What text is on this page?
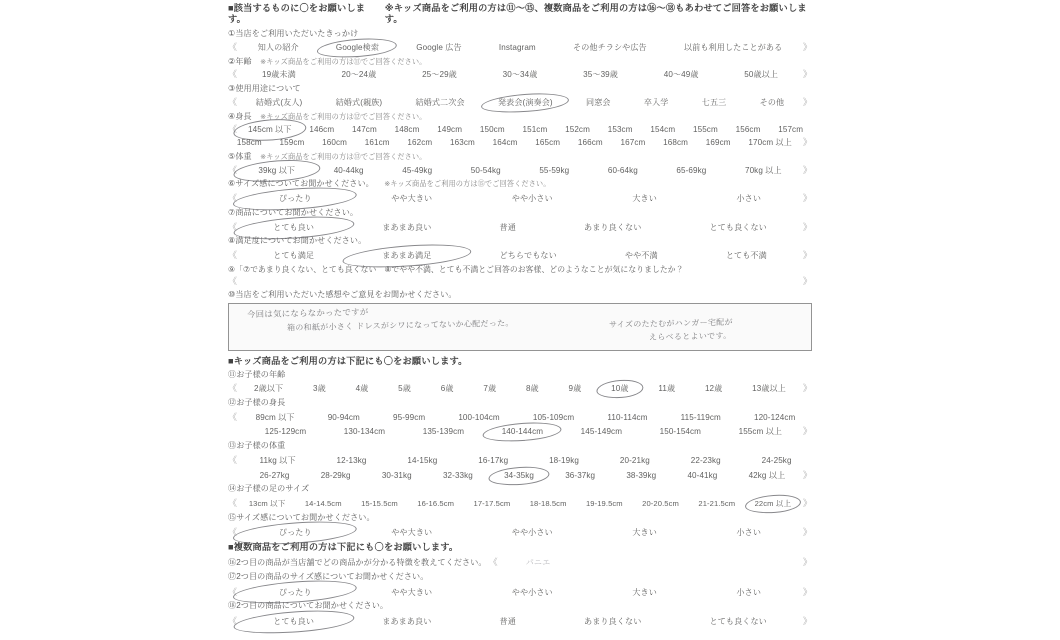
■該当するものに〇をお願いします。
※キッズ商品をご利用の方は⑪〜⑮、複数商品をご利用の方は⑯〜⑱もあわせてご回答をお願いします。

①当店をご利用いただいたきっかけ

《	知人の紹介	Google検索	Google 広告	Instagram	その他チラシや広告	以前も利用したことがある	》

②年齢 ※キッズ商品をご利用の方は⑪でご回答ください。

《	19歳未満	20〜24歳	25〜29歳	30〜34歳	35〜39歳	40〜49歳	50歳以上	》

③使用用途について

《	結婚式(友人)	結婚式(親族)	結婚式二次会	発表会(演奏会)	同窓会	卒入学	七五三	その他	》

④身長 ※キッズ商品をご利用の方は⑫でご回答ください。

《	145cm 以下	146cm	147cm	148cm	149cm	150cm	151cm	152cm	153cm	154cm	155cm	156cm	157cm
158cm	159cm	160cm	161cm	162cm	163cm	164cm	165cm	166cm	167cm	168cm	169cm	170cm 以上	》

⑤体重 ※キッズ商品をご利用の方は⑬でご回答ください。

《	39kg 以下	40-44kg	45-49kg	50-54kg	55-59kg	60-64kg	65-69kg	70kg 以上	》

⑥サイズ感についてお聞かせください。 ※キッズ商品をご利用の方は⑮でご回答ください。

《	ぴったり	やや大きい	やや小さい	大きい	小さい	》

⑦商品についてお聞かせください。

《	とても良い	まあまあ良い	普通	あまり良くない	とても良くない	》

⑧満足度についてお聞かせください。

《	とても満足	まあまあ満足	どちらでもない	やや不満	とても不満	》

⑨「⑦であまり良くない、とても良くない　⑧でやや不満、とても不満とご回答のお客様、どのようなことが気になりましたか？

《	》

⑩当店をご利用いただいた感想やご意見をお聞かせください。

今回は気にならなかったですが
箱の和紙が小さく ドレスがシワになってないか心配だった。	サイズのたたむがハンガー宅配が
えらべるとよいです。

■キッズ商品をご利用の方は下記にも〇をお願いします。

⑪お子様の年齢

《	2歳以下	3歳	4歳	5歳	6歳	7歳	8歳	9歳	10歳	11歳	12歳	13歳以上	》

⑫お子様の身長

《	89cm 以下	90-94cm	95-99cm	100-104cm	105-109cm	110-114cm	115-119cm	120-124cm
125-129cm	130-134cm	135-139cm	140-144cm	145-149cm	150-154cm	155cm 以上	》

⑬お子様の体重

《	11kg 以下	12-13kg	14-15kg	16-17kg	18-19kg	20-21kg	22-23kg	24-25kg
26-27kg	28-29kg	30-31kg	32-33kg	34-35kg	36-37kg	38-39kg	40-41kg	42kg 以上	》

⑭お子様の足のサイズ

《	13cm 以下	14-14.5cm	15-15.5cm	16-16.5cm	17-17.5cm	18-18.5cm	19-19.5cm	20-20.5cm	21-21.5cm	22cm 以上	》

⑮サイズ感についてお聞かせください。

《	ぴったり	やや大きい	やや小さい	大きい	小さい	》

■複数商品をご利用の方は下記にも〇をお願いします。

⑯2つ目の商品が当店舗でどの商品かが分かる特徴を教えてください。 《	パニエ	》

⑰2つ目の商品のサイズ感についてお聞かせください。

《	ぴったり	やや大きい	やや小さい	大きい	小さい	》

⑱2つ目の商品についてお聞かせください。

《	とても良い	まあまあ良い	普通	あまり良くない	とても良くない	》
